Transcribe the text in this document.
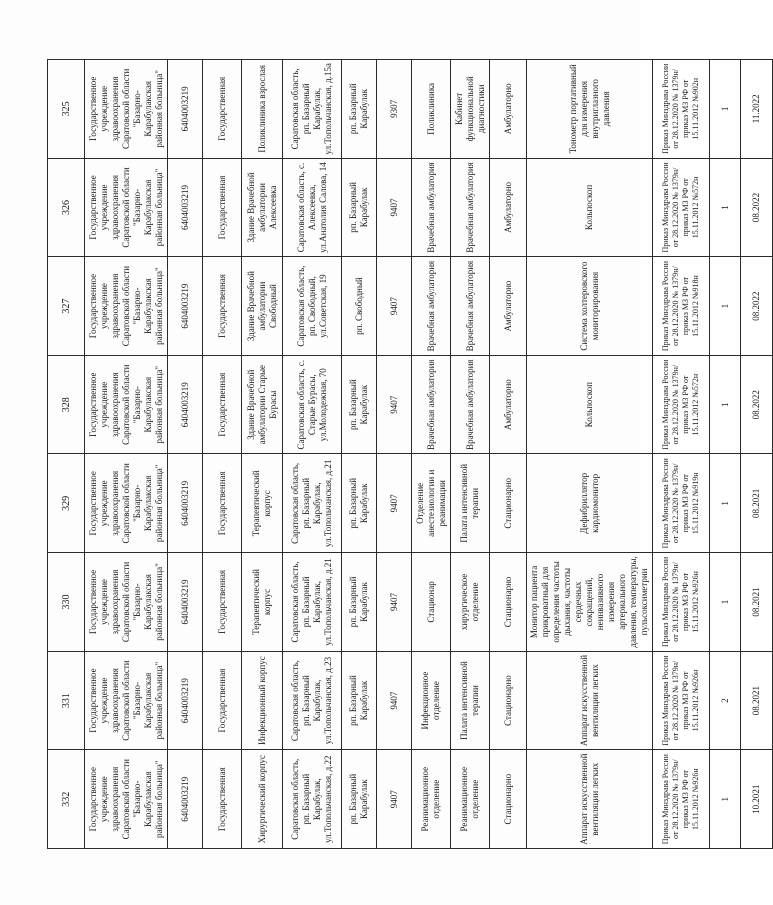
332	331	330	329	328	327	326	325
Государственное учреждение здравоохранения Саратовской области "Базарно-Карабулакская районная больница"	Государственное учреждение здравоохранения Саратовской области "Базарно-Карабулакская районная больница"	Государственное учреждение здравоохранения Саратовской области "Базарно-Карабулакская районная больница"	Государственное учреждение здравоохранения Саратовской области "Базарно-Карабулакская районная больница"	Государственное учреждение здравоохранения Саратовской области "Базарно-Карабулакская районная больница"	Государственное учреждение здравоохранения Саратовской области "Базарно-Карабулакская районная больница"	Государственное учреждение здравоохранения Саратовской области "Базарно-Карабулакская районная больница"	Государственное учреждение здравоохранения Саратовской области "Базарно-Карабулакская районная больница"
6404003219	6404003219	6404003219	6404003219	6404003219	6404003219	6404003219	6404003219
Государственная	Государственная	Государственная	Государственная	Государственная	Государственная	Государственная	Государственная
Хирургический корпус	Инфекционный корпус	Терапевтический корпус	Терапевтический корпус	Здание Врачебной амбулатории Старые Бурасы	Здание Врачебной амбулатории Свободный	Здание Врачебной амбулатории Алексеевка	Поликлиника взрослая
Саратовская область, рп. Базарный Карабулак, ул.Топольчанская, д.22	Саратовская область, рп. Базарный Карабулак, ул.Топольчанская, д.23	Саратовская область, рп. Базарный Карабулак, ул.Топольчанская, д.21	Саратовская область, рп. Базарный Карабулак, ул.Топольчанская, д.21	Саратовская область, с. Старые Бурасы, ул.Молодежная, 70	Саратовская область, рп. Свободный, ул.Советская, 19	Саратовская область, с. Алексеевка, ул.Анатолия Салова, 14	Саратовская область, рп. Базарный Карабулак, ул.Топольчанская, д.15а
рп. Базарный Карабулак	рп. Базарный Карабулак	рп. Базарный Карабулак	рп. Базарный Карабулак	рп. Базарный Карабулак	рп. Свободный	рп. Базарный Карабулак	рп. Базарный Карабулак
9407	9407	9407	9407	9407	9407	9407	9307
Реанимационное отделение	Инфекционное отделение	Стационар	Отделение анестезиологии и реанимации	Врачебная амбулатория	Врачебная амбулатория	Врачебная амбулатория	Поликлиника
Реанимационное отделение	Палата интенсивной терапии	хирургическое отделение	Палата интенсивной терапии	Врачебная амбулатория	Врачебная амбулатория	Врачебная амбулатория	Кабинет функциональной диагностики
Стационарно	Стационарно	Стационарно	Стационарно	Амбулаторно	Амбулаторно	Амбулаторно	Амбулаторно
Аппарат искусственной вентиляции легких	Аппарат искусственной вентиляции легких	Монитор пациента прикроватный для определения частоты дыхания, частоты сердечных сокращений, неинвазивного измерения артериального давления, температуры, пульсоксиметрии	Дефибриллятор кардиомонитор	Кольпоскоп	Система холтеровского мониторирования	Кольпоскоп	Тонометр портативный для измерения внутриглазного давления
Приказ Минздрава России от 28.12.2020 № 1379н/приказ МЗ РФ от 15.11.2012 №926н	Приказ Минздрава России от 28.12.2020 № 1379н/приказ МЗ РФ от 15.11.2012 №926н	Приказ Минздрава России от 28.12.2020 № 1379н/приказ МЗ РФ от 15.11.2012 №926н	Приказ Минздрава России от 28.12.2020 № 1379н/приказ МЗ РФ от 15.11.2012 №919н	Приказ Минздрава России от 28.12.2020 № 1379н/приказ МЗ РФ от 15.11.2012 №572н	Приказ Минздрава России от 28.12.2020 № 1379н/приказ МЗ РФ от 15.11.2012 №918н	Приказ Минздрава России от 28.12.2020 № 1379н/приказ МЗ РФ от 15.11.2012 №572н	Приказ Минздрава России от 28.12.2020 № 1379н/приказ МЗ РФ от 15.11.2012 №902н
1	2	1	1	1	1	1	1
10.2021	08.2021	08.2021	08.2021	08.2022	08.2022	08.2022	11.2022
